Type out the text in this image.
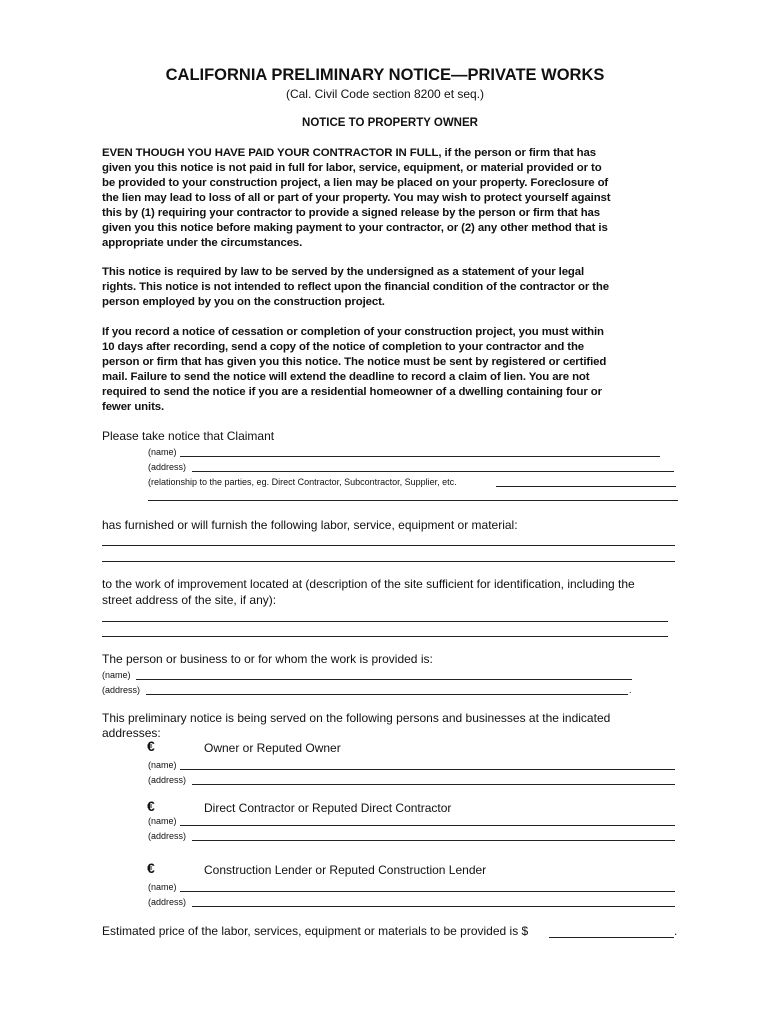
CALIFORNIA PRELIMINARY NOTICE—PRIVATE WORKS
(Cal. Civil Code section 8200 et seq.)
NOTICE TO PROPERTY OWNER
EVEN THOUGH YOU HAVE PAID YOUR CONTRACTOR IN FULL, if the person or firm that has
given you this notice is not paid in full for labor, service, equipment, or material provided or to
be provided to your construction project, a lien may be placed on your property. Foreclosure of
the lien may lead to loss of all or part of your property. You may wish to protect yourself against
this by (1) requiring your contractor to provide a signed release by the person or firm that has
given you this notice before making payment to your contractor, or (2) any other method that is
appropriate under the circumstances.
This notice is required by law to be served by the undersigned as a statement of your legal
rights. This notice is not intended to reflect upon the financial condition of the contractor or the
person employed by you on the construction project.
If you record a notice of cessation or completion of your construction project, you must within
10 days after recording, send a copy of the notice of completion to your contractor and the
person or firm that has given you this notice. The notice must be sent by registered or certified
mail. Failure to send the notice will extend the deadline to record a claim of lien. You are not
required to send the notice if you are a residential homeowner of a dwelling containing four or
fewer units.
Please take notice that Claimant
(name)
(address)
(relationship to the parties, eg. Direct Contractor, Subcontractor, Supplier, etc.
has furnished or will furnish the following labor, service, equipment or material:
to the work of improvement located at (description of the site sufficient for identification, including the
street address of the site, if any):
The person or business to or for whom the work is provided is:
(name)
(address)	.
This preliminary notice is being served on the following persons and businesses at the indicated
addresses:
€	Owner or Reputed Owner
(name)
(address)
€	Direct Contractor or Reputed Direct Contractor
(name)
(address)
€	Construction Lender or Reputed Construction Lender
(name)
(address)
Estimated price of the labor, services, equipment or materials to be provided is $	.
